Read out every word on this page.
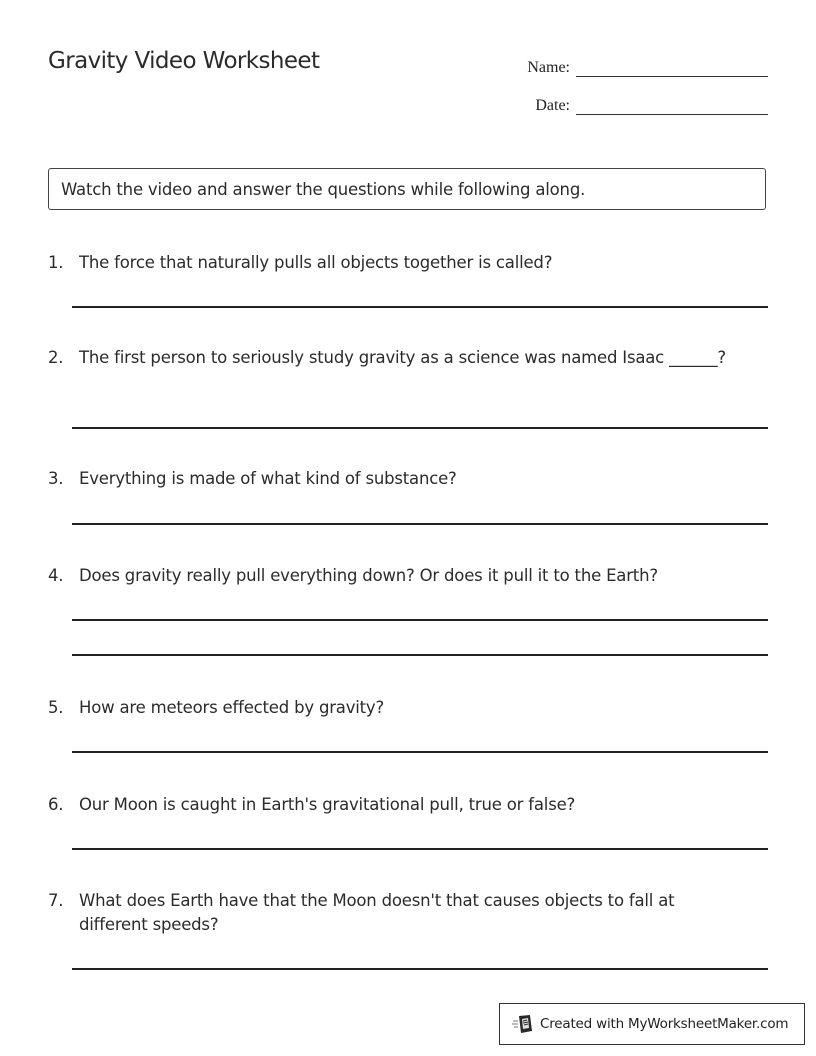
Gravity Video Worksheet	Name:
Date:
Watch the video and answer the questions while following along.
1. The force that naturally pulls all objects together is called?
2. The first person to seriously study gravity as a science was named Isaac ______?
3. Everything is made of what kind of substance?
4. Does gravity really pull everything down? Or does it pull it to the Earth?
5. How are meteors effected by gravity?
6. Our Moon is caught in Earth's gravitational pull, true or false?
7. What does Earth have that the Moon doesn't that causes objects to fall at different speeds?
Created with MyWorksheetMaker.com
